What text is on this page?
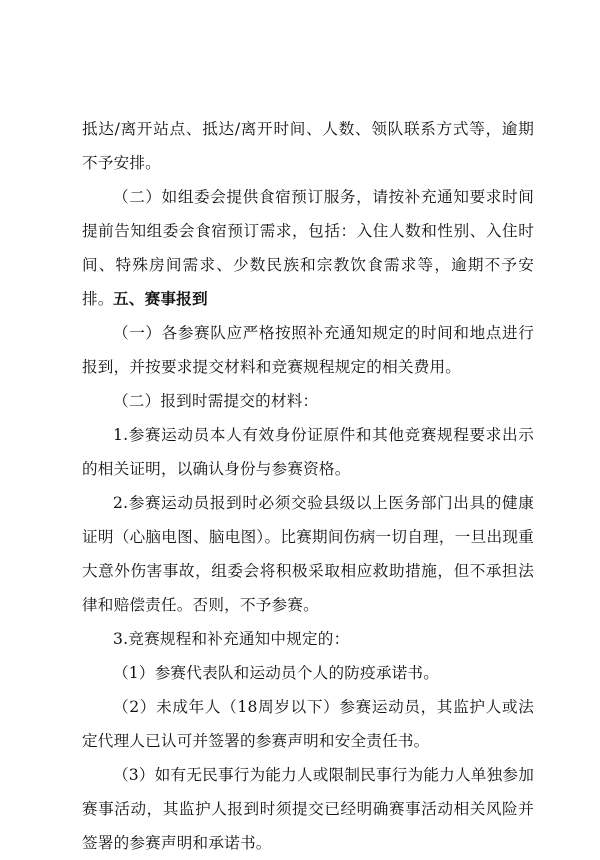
抵达/离开站点、抵达/离开时间、人数、领队联系方式等，逾期不予安排。
（二）如组委会提供食宿预订服务，请按补充通知要求时间提前告知组委会食宿预订需求，包括：入住人数和性别、入住时间、特殊房间需求、少数民族和宗教饮食需求等，逾期不予安排。 五、赛事报到
（一）各参赛队应严格按照补充通知规定的时间和地点进行报到，并按要求提交材料和竞赛规程规定的相关费用。
（二）报到时需提交的材料：
1.参赛运动员本人有效身份证原件和其他竞赛规程要求出示的相关证明，以确认身份与参赛资格。
2.参赛运动员报到时必须交验县级以上医务部门出具的健康证明（心脑电图、脑电图）。比赛期间伤病一切自理，一旦出现重大意外伤害事故，组委会将积极采取相应救助措施，但不承担法律和赔偿责任。否则，不予参赛。
3.竞赛规程和补充通知中规定的：
（1）参赛代表队和运动员个人的防疫承诺书。
（2）未成年人（18周岁以下）参赛运动员，其监护人或法定代理人已认可并签署的参赛声明和安全责任书。
（3）如有无民事行为能力人或限制民事行为能力人单独参加赛事活动，其监护人报到时须提交已经明确赛事活动相关风险并签署的参赛声明和承诺书。
